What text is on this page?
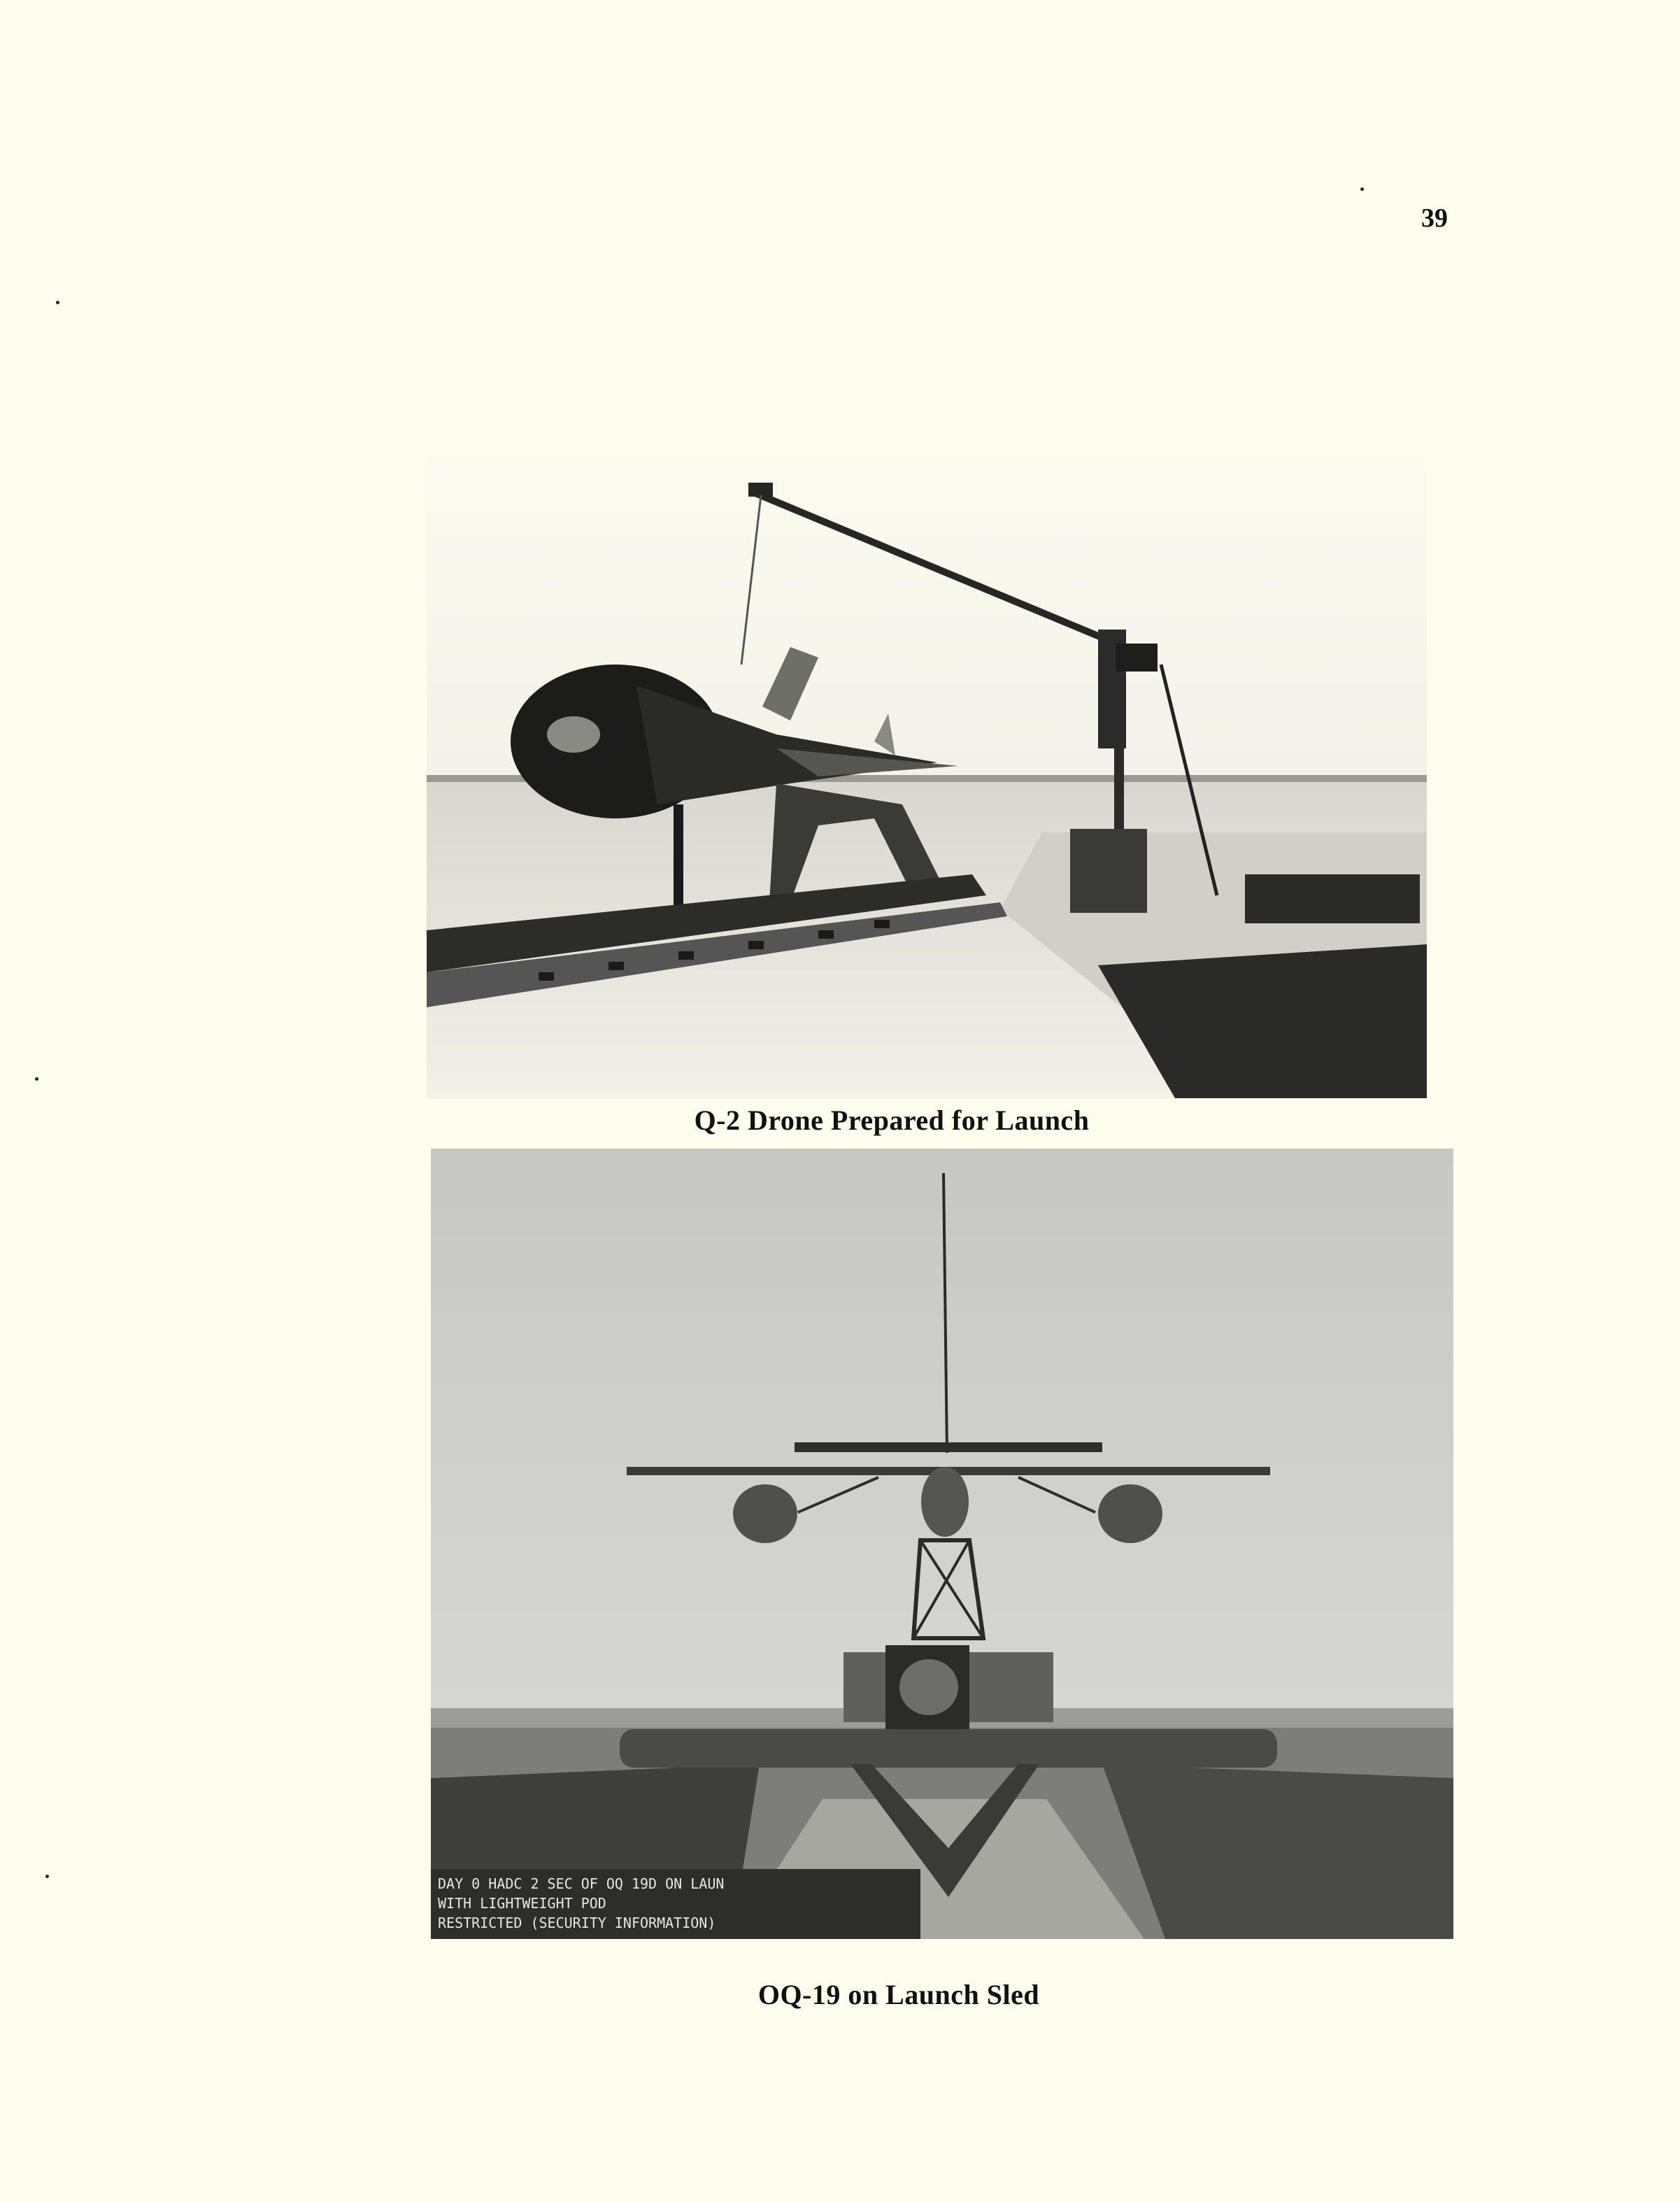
39
Q-2 Drone Prepared for Launch
DAY 0 HADC 2 SEC OF OQ 19D ON LAUN
WITH LIGHTWEIGHT POD
RESTRICTED (SECURITY INFORMATION)
OQ-19 on Launch Sled
